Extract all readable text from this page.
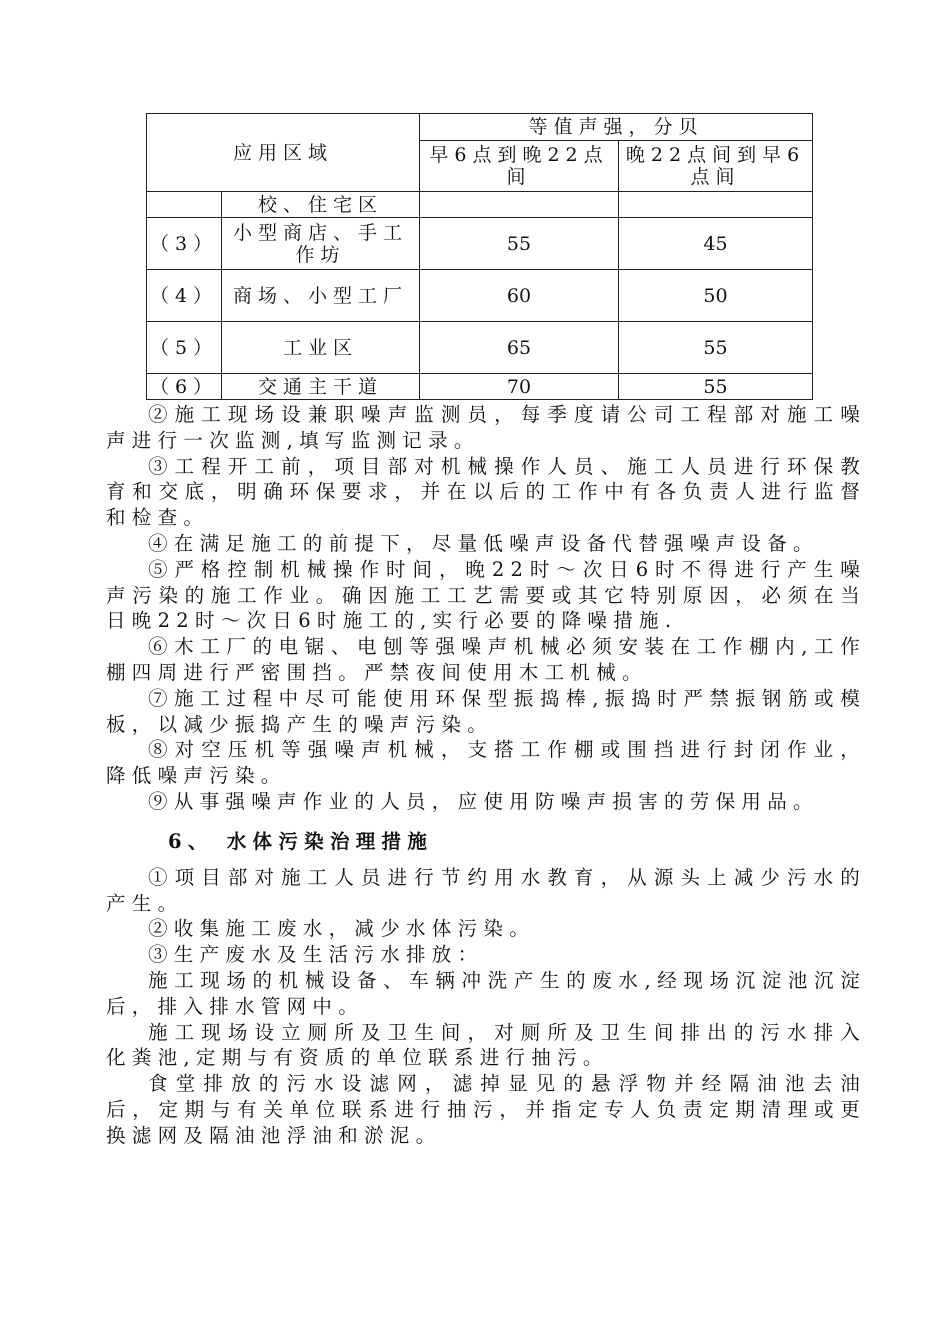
应用区域		等值声强，分贝	
		早6点到晚22点间	晚22点间到早6点间
	校、住宅区		
（3）	小型商店、手工作坊	55	45
（4）	商场、小型工厂	60	50
（5）	工业区	65	55
（6）	交通主干道	70	55

②施工现场设兼职噪声监测员，每季度请公司工程部对施工噪声进行一次监测,填写监测记录。

③工程开工前，项目部对机械操作人员、施工人员进行环保教育和交底，明确环保要求，并在以后的工作中有各负责人进行监督和检查。

④在满足施工的前提下，尽量低噪声设备代替强噪声设备。

⑤严格控制机械操作时间，晚22时～次日6时不得进行产生噪声污染的施工作业。确因施工工艺需要或其它特别原因，必须在当日晚22时～次日6时施工的,实行必要的降噪措施.

⑥木工厂的电锯、电刨等强噪声机械必须安装在工作棚内,工作棚四周进行严密围挡。严禁夜间使用木工机械。

⑦施工过程中尽可能使用环保型振捣棒,振捣时严禁振钢筋或模板，以减少振捣产生的噪声污染。

⑧对空压机等强噪声机械，支搭工作棚或围挡进行封闭作业，降低噪声污染。

⑨从事强噪声作业的人员，应使用防噪声损害的劳保用品。

6、 水体污染治理措施

①项目部对施工人员进行节约用水教育，从源头上减少污水的产生。

②收集施工废水，减少水体污染。

③生产废水及生活污水排放：

施工现场的机械设备、车辆冲洗产生的废水,经现场沉淀池沉淀后，排入排水管网中。

施工现场设立厕所及卫生间，对厕所及卫生间排出的污水排入化粪池,定期与有资质的单位联系进行抽污。

食堂排放的污水设滤网，滤掉显见的悬浮物并经隔油池去油后，定期与有关单位联系进行抽污，并指定专人负责定期清理或更换滤网及隔油池浮油和淤泥。
